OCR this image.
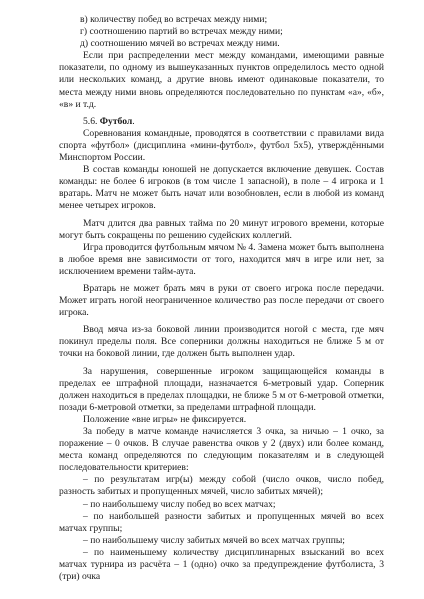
в) количеству побед во встречах между ними;

г) соотношению партий во встречах между ними;

д) соотношению мячей во встречах между ними.

Если при распределении мест между командами, имеющими равные показатели, по одному из вышеуказанных пунктов определилось место одной или нескольких команд, а другие вновь имеют одинаковые показатели, то места между ними вновь определяются последовательно по пунктам «а», «б», «в» и т.д.

5.6. Футбол.

Соревнования командные, проводятся в соответствии с правилами вида спорта «футбол» (дисциплина «мини-футбол», футбол 5х5), утверждёнными Минспортом России.

В состав команды юношей не допускается включение девушек. Состав команды: не более 6 игроков (в том числе 1 запасной), в поле – 4 игрока и 1 вратарь. Матч не может быть начат или возобновлен, если в любой из команд менее четырех игроков.

Матч длится два равных тайма по 20 минут игрового времени, которые могут быть сокращены по решению судейских коллегий.

Игра проводится футбольным мячом № 4. Замена может быть выполнена в любое время вне зависимости от того, находится мяч в игре или нет, за исключением времени тайм-аута.

Вратарь не может брать мяч в руки от своего игрока после передачи. Может играть ногой неограниченное количество раз после передачи от своего игрока.

Ввод мяча из-за боковой линии производится ногой с места, где мяч покинул пределы поля. Все соперники должны находиться не ближе 5 м от точки на боковой линии, где должен быть выполнен удар.

За нарушения, совершенные игроком защищающейся команды в пределах ее штрафной площади, назначается 6-метровый удар. Соперник должен находиться в пределах площадки, не ближе 5 м от 6-метровой отметки, позади 6-метровой отметки, за пределами штрафной площади.

Положение «вне игры» не фиксируется.

За победу в матче команде начисляется 3 очка, за ничью – 1 очко, за поражение – 0 очков. В случае равенства очков у 2 (двух) или более команд, места команд определяются по следующим показателям и в следующей последовательности критериев:

– по результатам игр(ы) между собой (число очков, число побед, разность забитых и пропущенных мячей, число забитых мячей);

– по наибольшему числу побед во всех матчах;

– по наибольшей разности забитых и пропущенных мячей во всех матчах группы;

– по наибольшему числу забитых мячей во всех матчах группы;

– по наименьшему количеству дисциплинарных взысканий во всех матчах турнира из расчёта – 1 (одно) очко за предупреждение футболиста, 3 (три) очка
